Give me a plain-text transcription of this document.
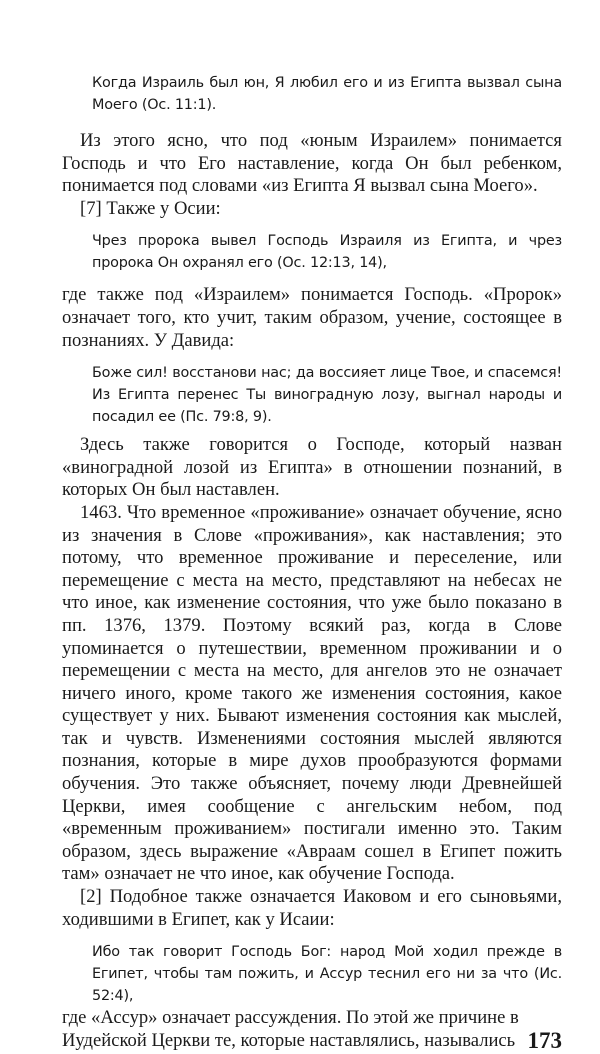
Когда Израиль был юн, Я любил его и из Египта вызвал сына Моего (Ос. 11:1).

Из этого ясно, что под «юным Израилем» понимается Господь и что Его наставление, когда Он был ребенком, понимается под словами «из Египта Я вызвал сына Моего».

[7] Также у Осии:

Чрез пророка вывел Господь Израиля из Египта, и чрез пророка Он охранял его (Ос. 12:13, 14),

где также под «Израилем» понимается Господь. «Пророк» означает того, кто учит, таким образом, учение, состоящее в познаниях. У Давида:

Боже сил! восстанови нас; да воссияет лице Твое, и спасемся! Из Египта перенес Ты виноградную лозу, выгнал народы и посадил ее (Пс. 79:8, 9).

Здесь также говорится о Господе, который назван «виноградной лозой из Египта» в отношении познаний, в которых Он был наставлен.

1463. Что временное «проживание» означает обучение, ясно из значения в Слове «проживания», как наставления; это потому, что временное проживание и переселение, или перемещение с места на место, представляют на небесах не что иное, как изменение состояния, что уже было показано в пп. 1376, 1379. Поэтому всякий раз, когда в Слове упоминается о путешествии, временном проживании и о перемещении с места на место, для ангелов это не означает ничего иного, кроме такого же изменения состояния, какое существует у них. Бывают изменения состояния как мыслей, так и чувств. Изменениями состояния мыслей являются познания, которые в мире духов прообразуются формами обучения. Это также объясняет, почему люди Древнейшей Церкви, имея сообщение с ангельским небом, под «временным проживанием» постигали именно это. Таким образом, здесь выражение «Авраам сошел в Египет пожить там» означает не что иное, как обучение Господа.

[2] Подобное также означается Иаковом и его сыновьями, ходившими в Египет, как у Исаии:

Ибо так говорит Господь Бог: народ Мой ходил прежде в Египет, чтобы там пожить, и Ассур теснил его ни за что (Ис. 52:4),

где «Ассур» означает рассуждения. По этой же причине в

Иудейской Церкви те, которые наставлялись, назывались 173
